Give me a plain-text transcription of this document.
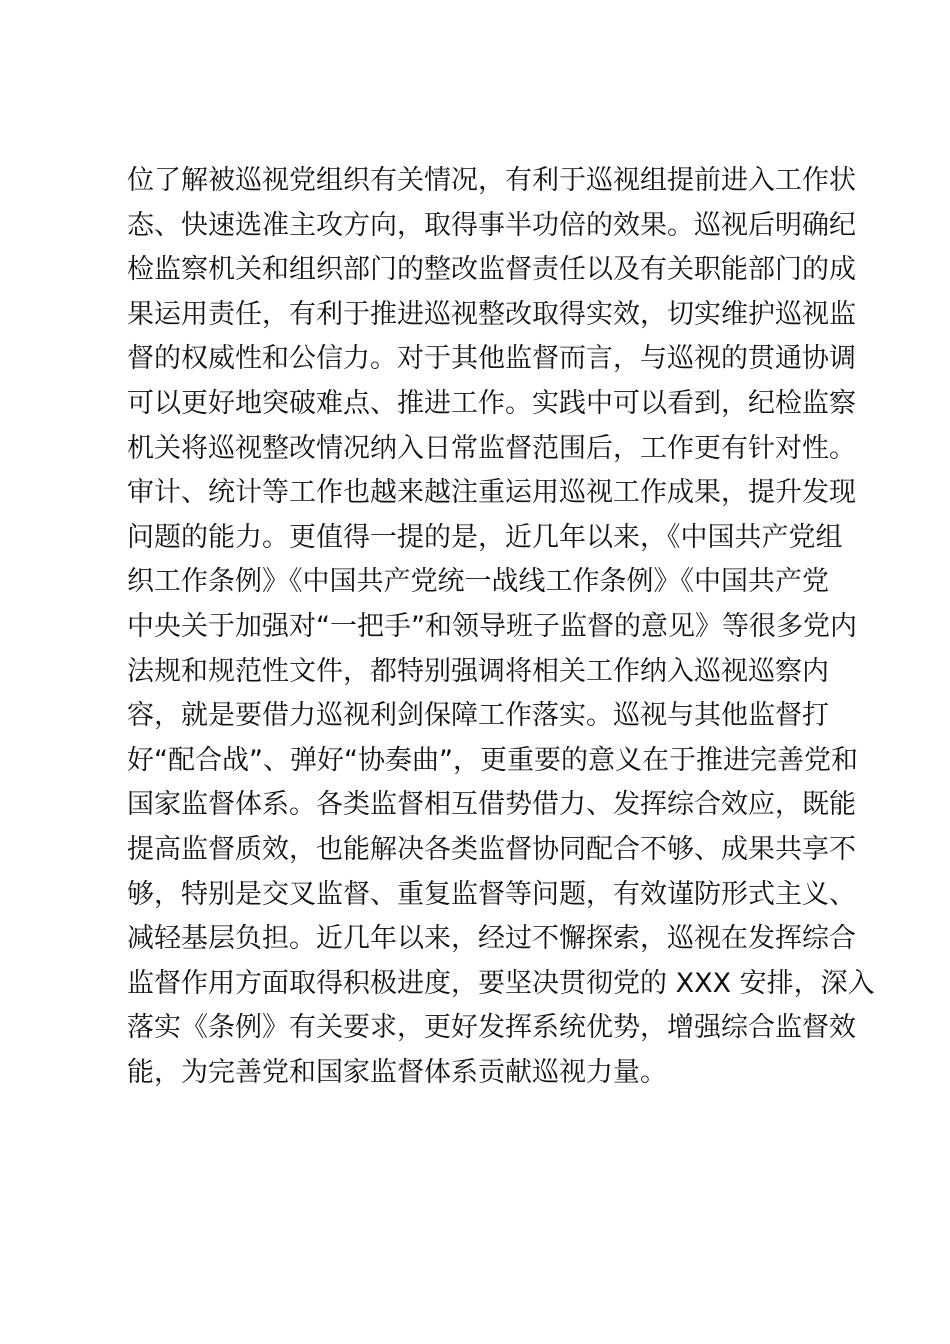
位了解被巡视党组织有关情况，有利于巡视组提前进入工作状
态、快速选准主攻方向，取得事半功倍的效果。巡视后明确纪
检监察机关和组织部门的整改监督责任以及有关职能部门的成
果运用责任，有利于推进巡视整改取得实效，切实维护巡视监
督的权威性和公信力。对于其他监督而言，与巡视的贯通协调
可以更好地突破难点、推进工作。实践中可以看到，纪检监察
机关将巡视整改情况纳入日常监督范围后，工作更有针对性。
审计、统计等工作也越来越注重运用巡视工作成果，提升发现
问题的能力。更值得一提的是，近几年以来，《中国共产党组
织工作条例》《中国共产党统一战线工作条例》《中国共产党
中央关于加强对“一把手”和领导班子监督的意见》等很多党内
法规和规范性文件，都特别强调将相关工作纳入巡视巡察内
容，就是要借力巡视利剑保障工作落实。巡视与其他监督打
好“配合战”、弹好“协奏曲”，更重要的意义在于推进完善党和
国家监督体系。各类监督相互借势借力、发挥综合效应，既能
提高监督质效，也能解决各类监督协同配合不够、成果共享不
够，特别是交叉监督、重复监督等问题，有效谨防形式主义、
减轻基层负担。近几年以来，经过不懈探索，巡视在发挥综合
监督作用方面取得积极进度，要坚决贯彻党的 XXX 安排，深入
落实《条例》有关要求，更好发挥系统优势，增强综合监督效
能，为完善党和国家监督体系贡献巡视力量。
